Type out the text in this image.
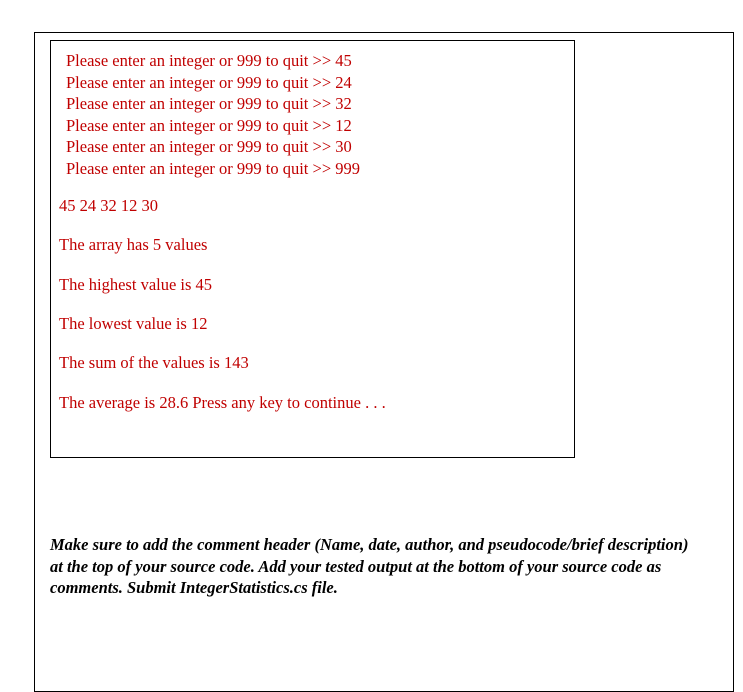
Please enter an integer or 999 to quit >> 45
Please enter an integer or 999 to quit >> 24
Please enter an integer or 999 to quit >> 32
Please enter an integer or 999 to quit >> 12
Please enter an integer or 999 to quit >> 30
Please enter an integer or 999 to quit >> 999
45 24 32 12 30
The array has 5 values
The highest value is 45
The lowest value is 12
The sum of the values is 143
The average is 28.6 Press any key to continue . . .
Make sure to add the comment header (Name, date, author, and pseudocode/brief description) at the top of your source code. Add your tested output at the bottom of your source code as comments. Submit IntegerStatistics.cs file.
